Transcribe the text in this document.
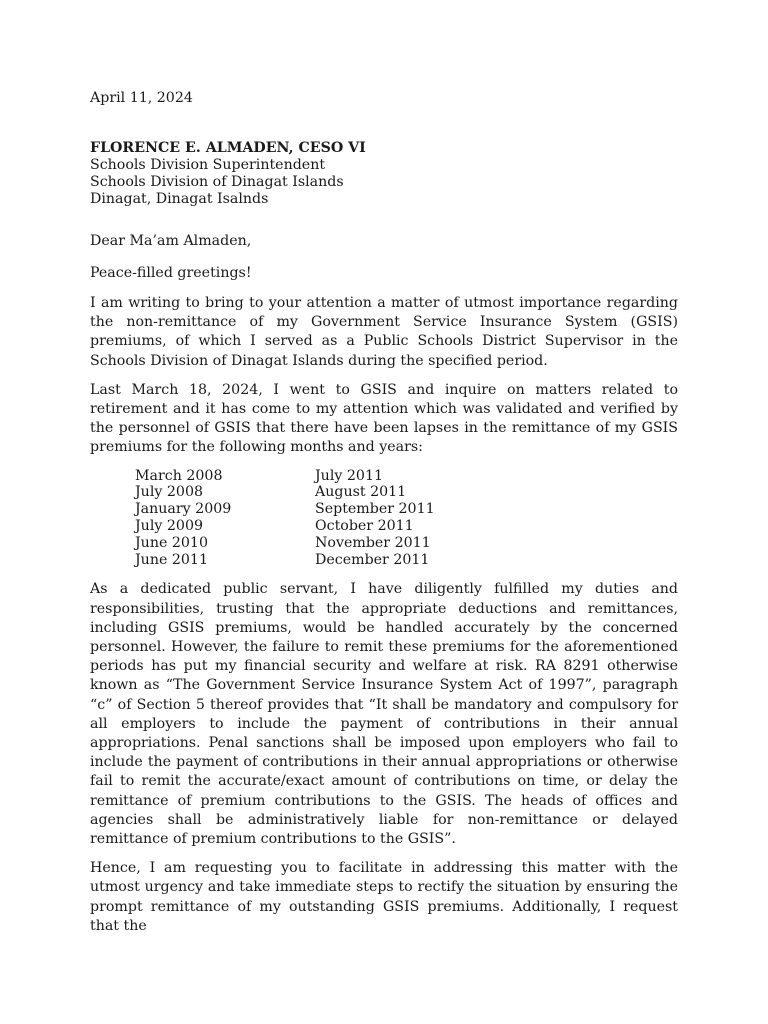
April 11, 2024
FLORENCE E. ALMADEN, CESO VI
Schools Division Superintendent
Schools Division of Dinagat Islands
Dinagat, Dinagat Isalnds

Dear Ma’am Almaden,

Peace-filled greetings!

I am writing to bring to your attention a matter of utmost importance regarding the non-remittance of my Government Service Insurance System (GSIS) premiums, of which I served as a Public Schools District Supervisor in the Schools Division of Dinagat Islands during the specified period.

Last March 18, 2024, I went to GSIS and inquire on matters related to retirement and it has come to my attention which was validated and verified by the personnel of GSIS that there have been lapses in the remittance of my GSIS premiums for the following months and years:

March 2008	July 2011
July 2008	August 2011
January 2009	September 2011
July 2009	October 2011
June 2010	November 2011
June 2011	December 2011

As a dedicated public servant, I have diligently fulfilled my duties and responsibilities, trusting that the appropriate deductions and remittances, including GSIS premiums, would be handled accurately by the concerned personnel. However, the failure to remit these premiums for the aforementioned periods has put my financial security and welfare at risk. RA 8291 otherwise known as “The Government Service Insurance System Act of 1997”, paragraph “c” of Section 5 thereof provides that “It shall be mandatory and compulsory for all employers to include the payment of contributions in their annual appropriations. Penal sanctions shall be imposed upon employers who fail to include the payment of contributions in their annual appropriations or otherwise fail to remit the accurate/exact amount of contributions on time, or delay the remittance of premium contributions to the GSIS. The heads of offices and agencies shall be administratively liable for non-remittance or delayed remittance of premium contributions to the GSIS”.

Hence, I am requesting you to facilitate in addressing this matter with the utmost urgency and take immediate steps to rectify the situation by ensuring the prompt remittance of my outstanding GSIS premiums. Additionally, I request that the
